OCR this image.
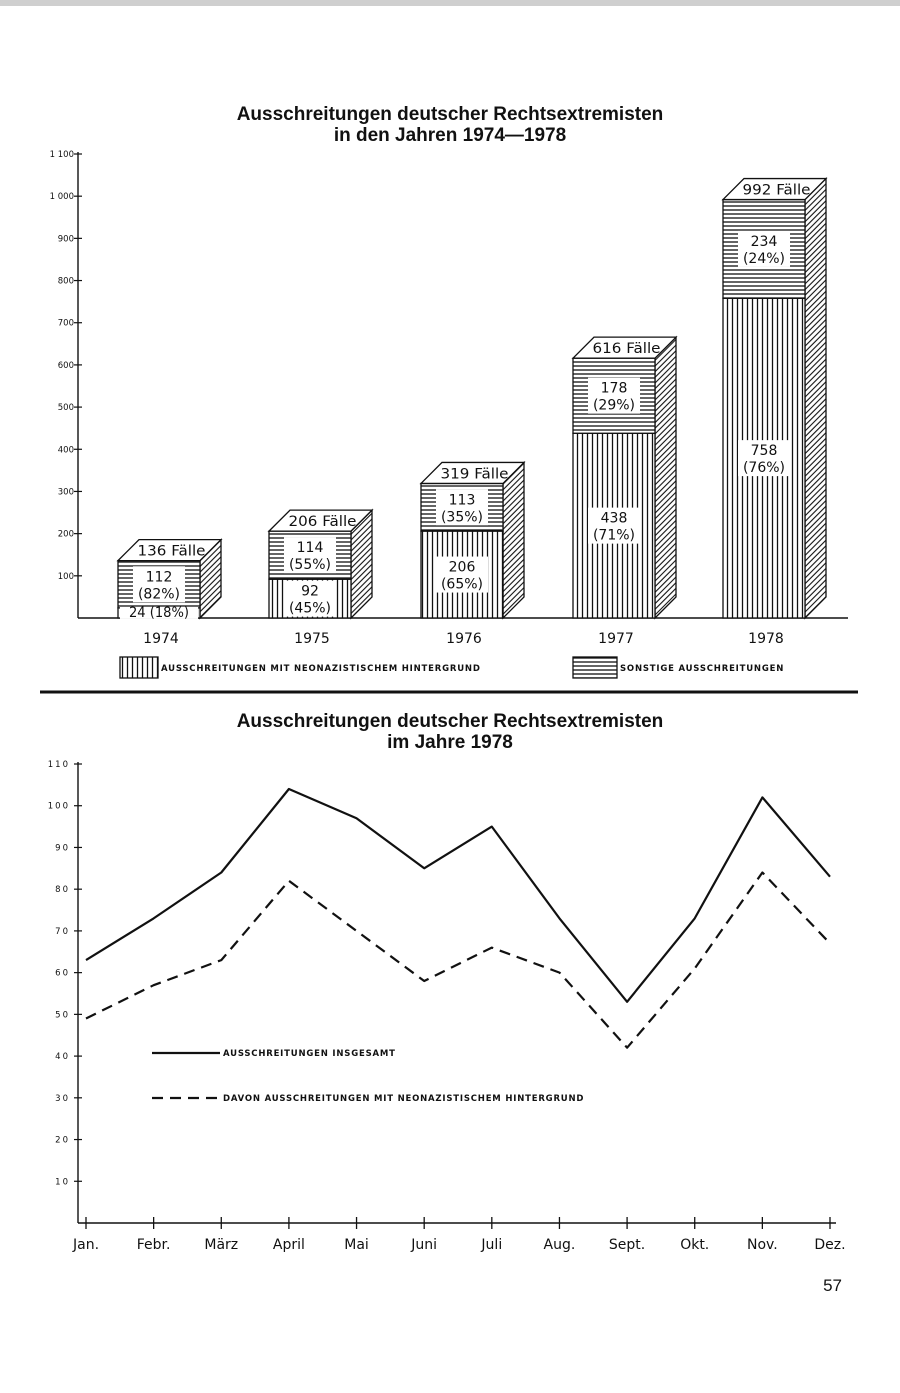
Ausschreitungen deutscher Rechtsextremisten
in den Jahren 1974—1978
Ausschreitungen deutscher Rechtsextremisten
im Jahre 1978
100
200
300
400
500
600
700
800
900
1 000
1 100
136 Fälle
112
(82%)
24 (18%)
1974
206 Fälle
114
(55%)
92
(45%)
1975
319 Fälle
113
(35%)
206
(65%)
1976
616 Fälle
178
(29%)
438
(71%)
1977
992 Fälle
234
(24%)
758
(76%)
1978
AUSSCHREITUNGEN MIT NEONAZISTISCHEM HINTERGRUND	SONSTIGE AUSSCHREITUNGEN
10
20
30
40
50
60
70
80
90
100
110
Jan.	Febr. März April	Mai	Juni	Juli	Aug. Sept. Okt.	Nov.	Dez.
AUSSCHREITUNGEN INSGESAMT
DAVON AUSSCHREITUNGEN MIT NEONAZISTISCHEM HINTERGRUND
57
